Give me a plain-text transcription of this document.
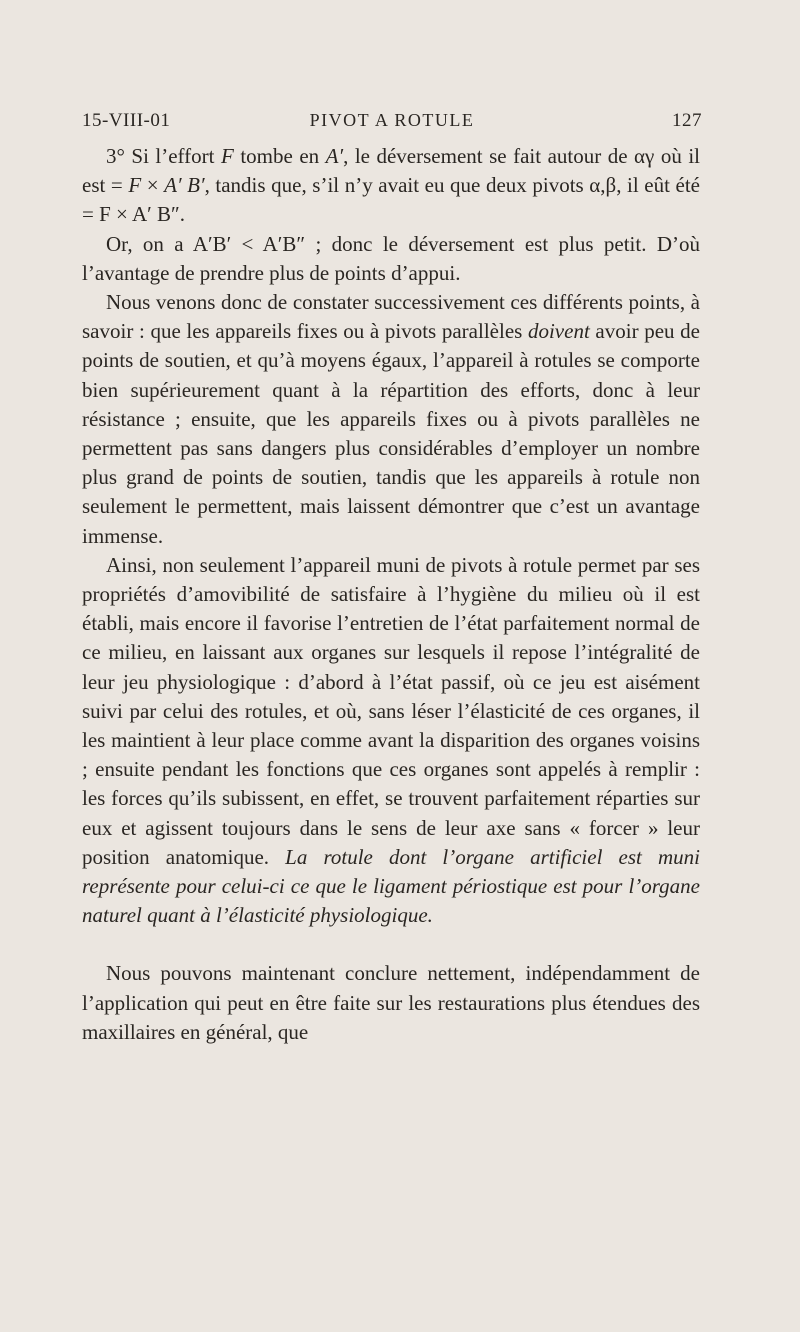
15-VIII-01	PIVOT A ROTULE	127

3° Si l’effort F tombe en A′, le déversement se fait autour de αγ où il est = F × A′ B′, tandis que, s’il n’y avait eu que deux pivots α,β, il eût été = F × A′ B″.

Or, on a A′B′ < A′B″ ; donc le déversement est plus petit. D’où l’avantage de prendre plus de points d’appui.

Nous venons donc de constater successivement ces différents points, à savoir : que les appareils fixes ou à pivots parallèles doivent avoir peu de points de soutien, et qu’à moyens égaux, l’appareil à rotules se comporte bien supérieurement quant à la répartition des efforts, donc à leur résistance ; ensuite, que les appareils fixes ou à pivots parallèles ne permettent pas sans dangers plus considérables d’employer un nombre plus grand de points de soutien, tandis que les appareils à rotule non seulement le permettent, mais laissent démontrer que c’est un avantage immense.

Ainsi, non seulement l’appareil muni de pivots à rotule permet par ses propriétés d’amovibilité de satisfaire à l’hygiène du milieu où il est établi, mais encore il favorise l’entretien de l’état parfaitement normal de ce milieu, en laissant aux organes sur lesquels il repose l’intégralité de leur jeu physiologique : d’abord à l’état passif, où ce jeu est aisément suivi par celui des rotules, et où, sans léser l’élasticité de ces organes, il les maintient à leur place comme avant la disparition des organes voisins ; ensuite pendant les fonctions que ces organes sont appelés à remplir : les forces qu’ils subissent, en effet, se trouvent parfaitement réparties sur eux et agissent toujours dans le sens de leur axe sans « forcer » leur position anatomique. La rotule dont l’organe artificiel est muni représente pour celui-ci ce que le ligament périostique est pour l’organe naturel quant à l’élasticité physiologique.

Nous pouvons maintenant conclure nettement, indépendamment de l’application qui peut en être faite sur les restaurations plus étendues des maxillaires en général, que
